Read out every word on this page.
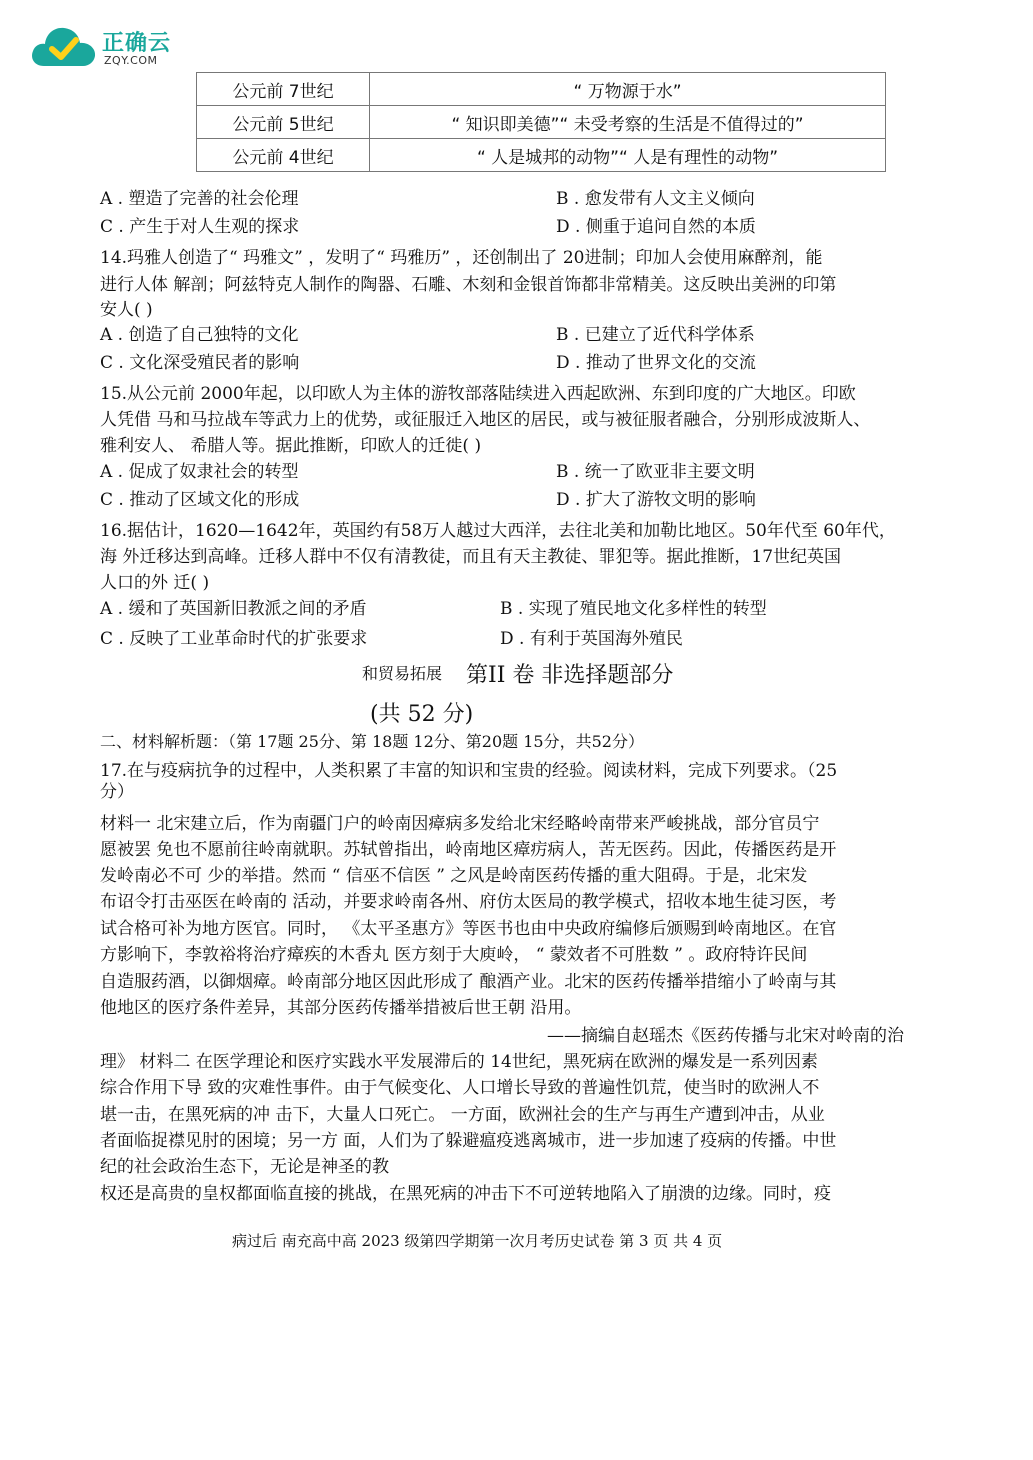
正确云
ZQY.COM
公元前 7世纪	“ 万物源于水”
公元前 5世纪	“ 知识即美德”“ 未受考察的生活是不值得过的”
公元前 4世纪	“ 人是城邦的动物”“ 人是有理性的动物”
A . 塑造了完善的社会伦理	B . 愈发带有人文主义倾向
C . 产生于对人生观的探求	D . 侧重于追问自然的本质
14.玛雅人创造了“ 玛雅文” ，发明了“ 玛雅历” ，还创制出了 20进制；印加人会使用麻醉剂，能
进行人体 解剖；阿兹特克人制作的陶器、石雕、木刻和金银首饰都非常精美。这反映出美洲的印第
安人( )
A . 创造了自己独特的文化	B . 已建立了近代科学体系
C . 文化深受殖民者的影响	D . 推动了世界文化的交流
15.从公元前 2000年起，以印欧人为主体的游牧部落陆续进入西起欧洲、东到印度的广大地区。印欧
人凭借 马和马拉战车等武力上的优势，或征服迁入地区的居民，或与被征服者融合，分别形成波斯人、
雅利安人、 希腊人等。据此推断，印欧人的迁徙( )
A . 促成了奴隶社会的转型	B . 统一了欧亚非主要文明
C . 推动了区域文化的形成	D . 扩大了游牧文明的影响
16.据估计，1620—1642年，英国约有58万人越过大西洋，去往北美和加勒比地区。50年代至 60年代，
海 外迁移达到高峰。迁移人群中不仅有清教徒，而且有天主教徒、罪犯等。据此推断，17世纪英国
人口的外 迁( )
A . 缓和了英国新旧教派之间的矛盾	B . 实现了殖民地文化多样性的转型
C . 反映了工业革命时代的扩张要求	D . 有利于英国海外殖民
和贸易拓展 第II 卷 非选择题部分
(共 52 分)
二、材料解析题：（第 17题 25分、第 18题 12分、第20题 15分，共52分）
17.在与疫病抗争的过程中，人类积累了丰富的知识和宝贵的经验。阅读材料，完成下列要求。（25
分）
材料一 北宋建立后，作为南疆门户的岭南因瘴病多发给北宋经略岭南带来严峻挑战，部分官员宁
愿被罢 免也不愿前往岭南就职。苏轼曾指出，岭南地区瘴疠病人，苦无医药。因此，传播医药是开
发岭南必不可 少的举措。然而 “ 信巫不信医 ” 之风是岭南医药传播的重大阻碍。于是，北宋发
布诏令打击巫医在岭南的 活动，并要求岭南各州、府仿太医局的教学模式，招收本地生徒习医，考
试合格可补为地方医官。同时， 《太平圣惠方》等医书也由中央政府编修后颁赐到岭南地区。在官
方影响下，李敦裕将治疗瘴疾的木香丸 医方刻于大庾岭， “ 蒙效者不可胜数 ” 。政府特许民间
自造服药酒，以御烟瘴。岭南部分地区因此形成了 酿酒产业。北宋的医药传播举措缩小了岭南与其
他地区的医疗条件差异，其部分医药传播举措被后世王朝 沿用。
——摘编自赵瑶杰《医药传播与北宋对岭南的治
理》 材料二 在医学理论和医疗实践水平发展滞后的 14世纪，黑死病在欧洲的爆发是一系列因素
综合作用下导 致的灾难性事件。由于气候变化、人口增长导致的普遍性饥荒，使当时的欧洲人不
堪一击，在黑死病的冲 击下，大量人口死亡。 一方面，欧洲社会的生产与再生产遭到冲击，从业
者面临捉襟见肘的困境；另一方 面，人们为了躲避瘟疫逃离城市，进一步加速了疫病的传播。中世
纪的社会政治生态下，无论是神圣的教
权还是高贵的皇权都面临直接的挑战，在黑死病的冲击下不可逆转地陷入了崩溃的边缘。同时，疫
病过后 南充高中高 2023 级第四学期第一次月考历史试卷 第 3 页 共 4 页
